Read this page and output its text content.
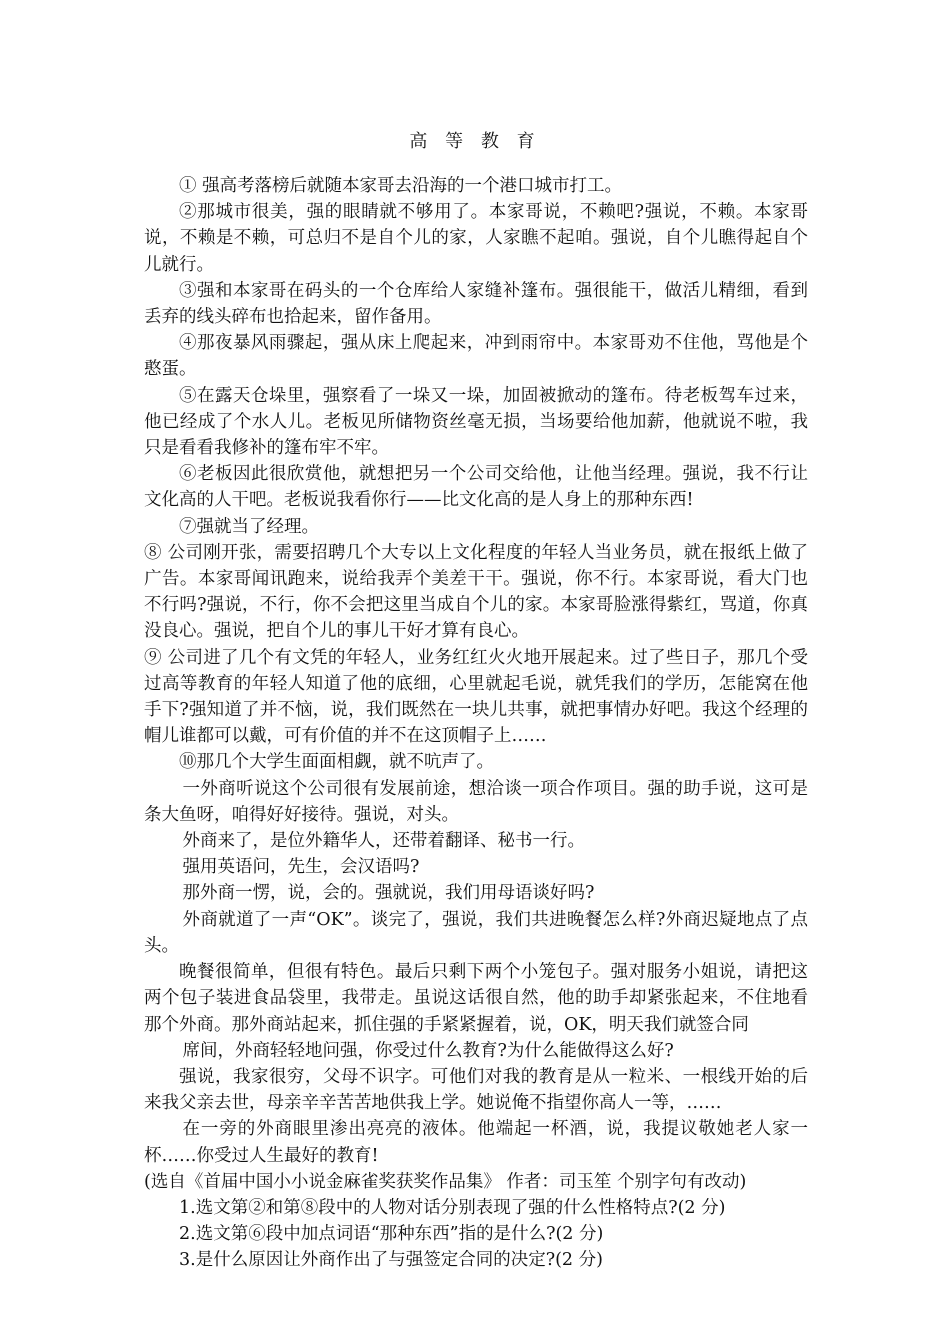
高 等 教 育

① 强高考落榜后就随本家哥去沿海的一个港口城市打工。

②那城市很美，强的眼睛就不够用了。本家哥说，不赖吧?强说，不赖。本家哥说，不赖是不赖，可总归不是自个儿的家，人家瞧不起咱。强说，自个儿瞧得起自个儿就行。

③强和本家哥在码头的一个仓库给人家缝补篷布。强很能干，做活儿精细，看到丢弃的线头碎布也拾起来，留作备用。

④那夜暴风雨骤起，强从床上爬起来，冲到雨帘中。本家哥劝不住他，骂他是个憨蛋。

⑤在露天仓垛里，强察看了一垛又一垛，加固被掀动的篷布。待老板驾车过来，他已经成了个水人儿。老板见所储物资丝毫无损，当场要给他加薪，他就说不啦，我只是看看我修补的篷布牢不牢。

⑥老板因此很欣赏他，就想把另一个公司交给他，让他当经理。强说，我不行让文化高的人干吧。老板说我看你行——比文化高的是人身上的那种东西!

⑦强就当了经理。

⑧ 公司刚开张，需要招聘几个大专以上文化程度的年轻人当业务员，就在报纸上做了广告。本家哥闻讯跑来，说给我弄个美差干干。强说，你不行。本家哥说，看大门也不行吗?强说，不行，你不会把这里当成自个儿的家。本家哥脸涨得紫红，骂道，你真没良心。强说，把自个儿的事儿干好才算有良心。

⑨ 公司进了几个有文凭的年轻人，业务红红火火地开展起来。过了些日子，那几个受过高等教育的年轻人知道了他的底细，心里就起毛说，就凭我们的学历，怎能窝在他手下?强知道了并不恼，说，我们既然在一块儿共事，就把事情办好吧。我这个经理的帽儿谁都可以戴，可有价值的并不在这顶帽子上……

⑩那几个大学生面面相觑，就不吭声了。

一外商听说这个公司很有发展前途，想洽谈一项合作项目。强的助手说，这可是条大鱼呀，咱得好好接待。强说，对头。

外商来了，是位外籍华人，还带着翻译、秘书一行。

强用英语问，先生，会汉语吗?

那外商一愣，说，会的。强就说，我们用母语谈好吗?

外商就道了一声“OK”。谈完了，强说，我们共进晚餐怎么样?外商迟疑地点了点头。

晚餐很简单，但很有特色。最后只剩下两个小笼包子。强对服务小姐说，请把这两个包子装进食品袋里，我带走。虽说这话很自然，他的助手却紧张起来，不住地看那个外商。那外商站起来，抓住强的手紧紧握着，说，OK，明天我们就签合同

席间，外商轻轻地问强，你受过什么教育?为什么能做得这么好?

强说，我家很穷，父母不识字。可他们对我的教育是从一粒米、一根线开始的后来我父亲去世，母亲辛辛苦苦地供我上学。她说俺不指望你高人一等，……

在一旁的外商眼里渗出亮亮的液体。他端起一杯酒，说，我提议敬她老人家一杯……你受过人生最好的教育!

(选自《首届中国小小说金麻雀奖获奖作品集》 作者：司玉笙 个别字句有改动)

1.选文第②和第⑧段中的人物对话分别表现了强的什么性格特点?(2 分)

2.选文第⑥段中加点词语“那种东西”指的是什么?(2 分)

3.是什么原因让外商作出了与强签定合同的决定?(2 分)
